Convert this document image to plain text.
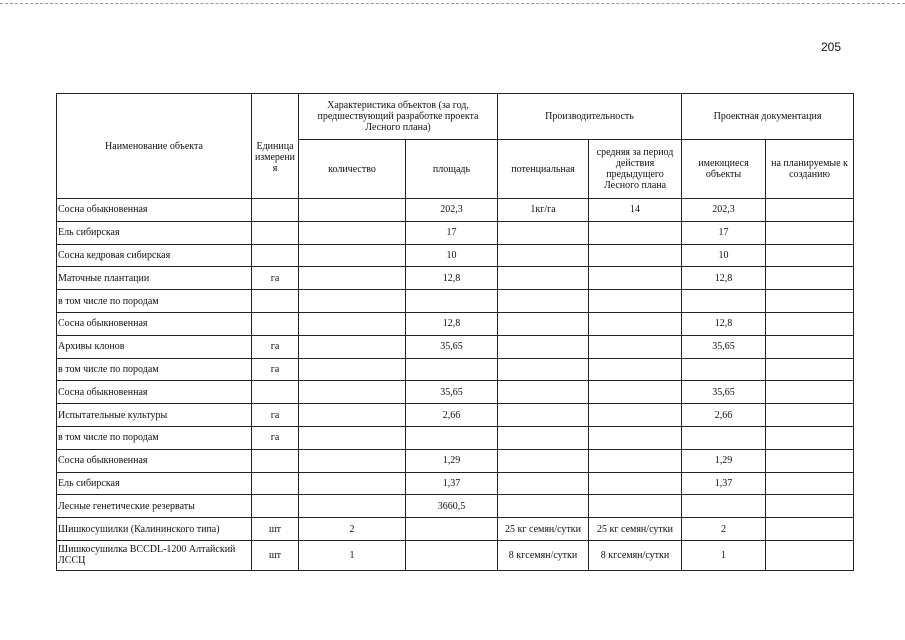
205
Наименование объекта	Единица измерени я	Характеристика объектов (за год, предшествующий разработке проекта Лесного плана)		Производительность		Проектная документация	
		количество	площадь	потенциальная	средняя за период действия предыдущего Лесного плана	имеющиеся объекты	на планируемые к созданию
Сосна обыкновенная			202,3	1кг/га	14	202,3	
Ель сибирская			17			17	
Сосна кедровая сибирская			10			10	
Маточные плантации	га		12,8			12,8	
в том числе по породам							
Сосна обыкновенная			12,8			12,8	
Архивы клонов	га		35,65			35,65	
в том числе по породам	га						
Сосна обыкновенная			35,65			35,65	
Испытательные культуры	га		2,66			2,66	
в том числе по породам	га						
Сосна обыкновенная			1,29			1,29	
Ель сибирская			1,37			1,37	
Лесные генетические резерваты			3660,5				
Шишкосушилки (Калининского типа)	шт	2		25 кг семян/сутки	25 кг семян/сутки	2	
Шишкосушилка ВССDL-1200 Алтайский ЛССЦ	шт	1		8 кгсемян/сутки	8 кгсемян/сутки	1	
